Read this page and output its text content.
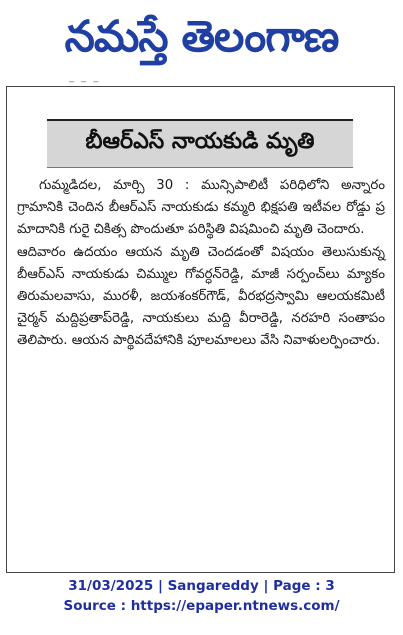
నమస్తే తెలంగాణ
‾ ‾ ‾
బీఆర్ఎస్ నాయకుడి మృతి

గుమ్మడిదల, మార్చి 30 : మున్సిపాలిటీ పరిధిలోని అన్నారం గ్రామానికి చెందిన బీఆర్ఎస్ నాయకుడు కమ్మరి భిక్షపతి ఇటీవల రోడ్డు ప్రమాదానికి గురై చికిత్స పొందుతూ పరిస్థితి విషమించి మృతి చెందారు.

ఆదివారం ఉదయం ఆయన మృతి చెందడంతో విషయం తెలుసుకున్న బీఆర్ఎస్ నాయకుడు చిమ్ముల గోవర్ధన్‌రెడ్డి, మాజీ సర్పంచ్‌లు మ్యాకం తిరుమలవాసు, మురళీ, జయశంకర్‌గౌడ్, వీరభద్రస్వామి ఆలయకమిటీ చైర్మన్ మద్దిప్రతాప్‌రెడ్డి, నాయకులు మద్ది వీరారెడ్డి, నరహరి సంతాపం తెలిపారు. ఆయన పార్థివదేహానికి పూలమాలలు వేసి నివాళులర్పించారు.

31/03/2025 | Sangareddy | Page : 3
Source : https://epaper.ntnews.com/
